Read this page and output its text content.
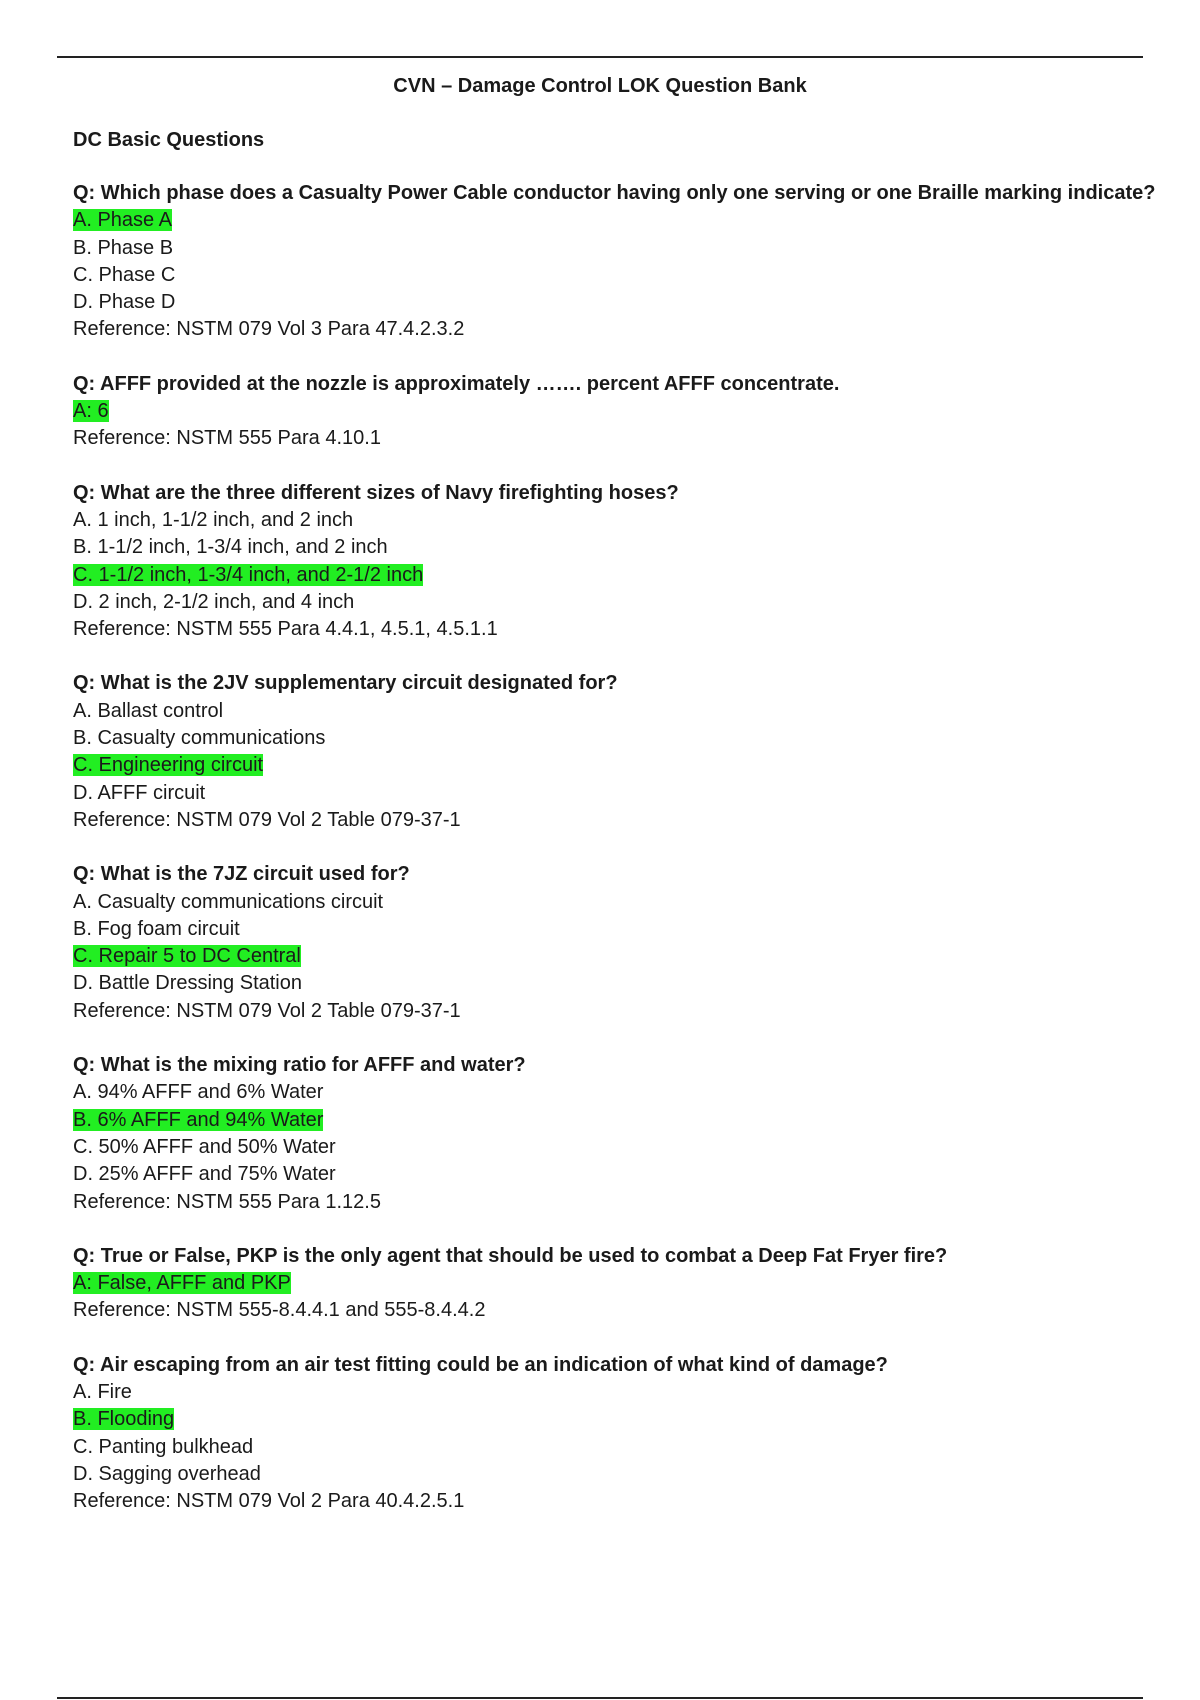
CVN – Damage Control LOK Question Bank
DC Basic Questions
Q: Which phase does a Casualty Power Cable conductor having only one serving or one Braille marking indicate?
A. Phase A
B. Phase B
C. Phase C
D. Phase D
Reference: NSTM 079 Vol 3 Para 47.4.2.3.2
Q: AFFF provided at the nozzle is approximately ……. percent AFFF concentrate.
A: 6
Reference: NSTM 555 Para 4.10.1
Q: What are the three different sizes of Navy firefighting hoses?
A. 1 inch, 1-1/2 inch, and 2 inch
B. 1-1/2 inch, 1-3/4 inch, and 2 inch
C. 1-1/2 inch, 1-3/4 inch, and 2-1/2 inch
D. 2 inch, 2-1/2 inch, and 4 inch
Reference: NSTM 555 Para 4.4.1, 4.5.1, 4.5.1.1
Q: What is the 2JV supplementary circuit designated for?
A. Ballast control
B. Casualty communications
C. Engineering circuit
D. AFFF circuit
Reference: NSTM 079 Vol 2 Table 079-37-1
Q: What is the 7JZ circuit used for?
A. Casualty communications circuit
B. Fog foam circuit
C. Repair 5 to DC Central
D. Battle Dressing Station
Reference: NSTM 079 Vol 2 Table 079-37-1
Q: What is the mixing ratio for AFFF and water?
A. 94% AFFF and 6% Water
B. 6% AFFF and 94% Water
C. 50% AFFF and 50% Water
D. 25% AFFF and 75% Water
Reference: NSTM 555 Para 1.12.5
Q: True or False, PKP is the only agent that should be used to combat a Deep Fat Fryer fire?
A: False, AFFF and PKP
Reference: NSTM 555-8.4.4.1 and 555-8.4.4.2
Q: Air escaping from an air test fitting could be an indication of what kind of damage?
A. Fire
B. Flooding
C. Panting bulkhead
D. Sagging overhead
Reference: NSTM 079 Vol 2 Para 40.4.2.5.1
